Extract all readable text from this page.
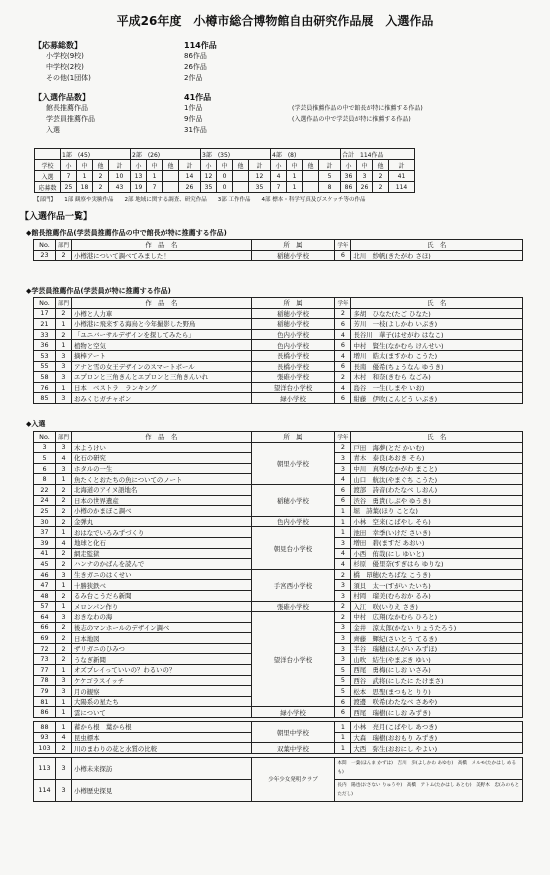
平成26年度　小樽市総合博物館自由研究作品展　入選作品
【応募総数】	114作品
小学校(9校)	86作品
中学校(2校)	26作品
その他(1団体)	2作品
【入選作品数】	41作品
館長推薦作品	1作品	(学芸員推薦作品の中で館長が特に推薦する作品)
学芸員推薦作品	9作品	(入選作品の中で学芸員が特に推薦する作品)
入選	31作品
	1部　(45)				2部　(26)				3部　(35)				4部　(8)				合計　114作品			
学校	小	中	他	計	小	中	他	計	小	中	他	計	小	中	他	計	小	中	他	計
入選	7	1	2	10	13	1		14	12	0		12	4	1		5	36	3	2	41
応募数	25	18	2	43	19	7		26	35	0		35	7	1		8	86	26	2	114
【部門】　　1部 観察や実験作品　　2部 地域に関する調査、研究作品　　3部 工作作品　　4部 標本・科学写真及びスケッチ等の作品
【入選作品一覧】
◆館長推薦作品(学芸員推薦作品の中で館長が特に推薦する作品)
No.	部門	作　品　名	所　属	学年	氏　名
23	2	小樽港について調べてみました！	稲穂小学校	6	北川　紗帆(きたがわ さほ)
◆学芸員推薦作品(学芸員が特に推薦する作品)
No.	部門	作　品　名	所　属	学年	氏　名
17	2	小樽と人力車	稲穂小学校	2	多胡　ひなた(たご ひなた)
21	1	小樽港に飛来する海鳥と今年撮影した野鳥	稲穂小学校	6	芳川　一枝(よしかわ いぶき)
33	2	「ユニバーサルデザインを探してみたら」	色内小学校	4	長谷川　華子(はせがわ はなこ)
36	1	植物と空気	色内小学校	6	中村　賢生(なかむら けんせい)
53	3	摘棒アート	長橋小学校	4	増川　皓太(ますかわ こうた)
55	3	アナと雪の女王デザインのスマートボール	長橋小学校	6	長南　優希(ちょうなん ゆうき)
58	3	エプロンと三角きんとエプロンと三角きんいれ	張碓小学校	2	木村　和奈(きむら なごみ)
76	1	日本　ベストラ　ランキング	望洋台小学校	4	島谷　一生(しまや いお)
85	3	おみくじガチャポン	緑小学校	6	紺藤　伊吹(こんどう いぶき)
◆入選
No.	部門	作　品　名	所　属	学年	氏　名
3	3	木ようけい	朝里小学校	2	戸田　海夢(とだ かいむ)
5	4	化石の研究		3	青木　泰良(あおき そら)
6	3	ホタルの一生		3	中川　真琴(なかがわ まこと)
8	1	魚たくとおたちの魚についてのノート		4	山口　航汰(やまぐち こうた)
22	2	北海道のアイヌ語地名	稲穂小学校	6	渡部　詩音(わたなべ しおん)
24	2	日本の世界遺産		6	渋谷　勇貴(しぶや ゆうき)
25	2	小樽のかまぼこ調べ		1	堀　詩葉(ほり ことな)
30	2	金弾丸	色内小学校	1	小林　空来(こばやし そら)
37	1	おはなでいろみずづくり	朝見台小学校	1	池田　幸季(いけだ さいき)
39	4	地球と化石		3	増田　碧(ますだ あおい)
41	2	網走監獄		4	小西　侑哉(にし ゆいと)
45	2	ハンナのかばんを読んで		4	杉原　優里奈(すぎはら ゆりな)
46	3	生きガニのはくせい	手宮西小学校	2	橋　昂穂(たちばな こうき)
47	1	十勝狭鉄べ		3	須貝　太一(すがい たいち)
48	2	るみ台こうだら新聞		3	村岡　瑠美(むらおか るみ)
57	1	メロンパン作り	張碓小学校	2	入江　咲(いりえ さき)
64	3	おきなわの海	望洋台小学校	2	中村　広翔(なかむら ひろと)
66	2	後志のマンホールのデザイン調べ		3	金井　涼太郎(かない りょうたろう)
69	2	日本地図		3	齊藤　輝紀(さいとう てるき)
72	2	ザリガニのひみつ		3	半谷　瑞穂(はんがい みずほ)
73	2	うなぎ新聞		3	山吹　結生(やまぶき ゆい)
77	1	オズプレイっていいの？わるいの？		5	西尾　勇梅(にしお いさみ)
78	3	ケケゴラスイッチ		5	西谷　武将(にしたに たけまさ)
79	3	月の観察		5	松本　思聖(まつもと りり)
81	1	大陽系の星たち		6	渡邊　咲希(わたなべ さあや)
86	1	雲について	緑小学校	6	西尾　瑞樹(にしお みずき)

88	1	蓄から根　葉から根	朝里中学校	1	小林　亮月(こばやし あつき)
93	4	昆虫標本		1	大森　瑞樹(おおもり みずき)
103	2	川のまわりの花と水質の比較	双葉中学校	1	大西　弥生(おおにし やよい)

113	3	小樽未来探訪	少年少女発明クラブ	本間　一葉(ほんま かずは)　吉川　歩(よしかわ あゆむ)　高橋　メルモ(たかはし めるも)	
114	3	小樽歴史探見		長内　陽也(おさない りゅうや)　高橋　アトム(たかはし あとむ)　美野木　忠(みのもと ただし)	
